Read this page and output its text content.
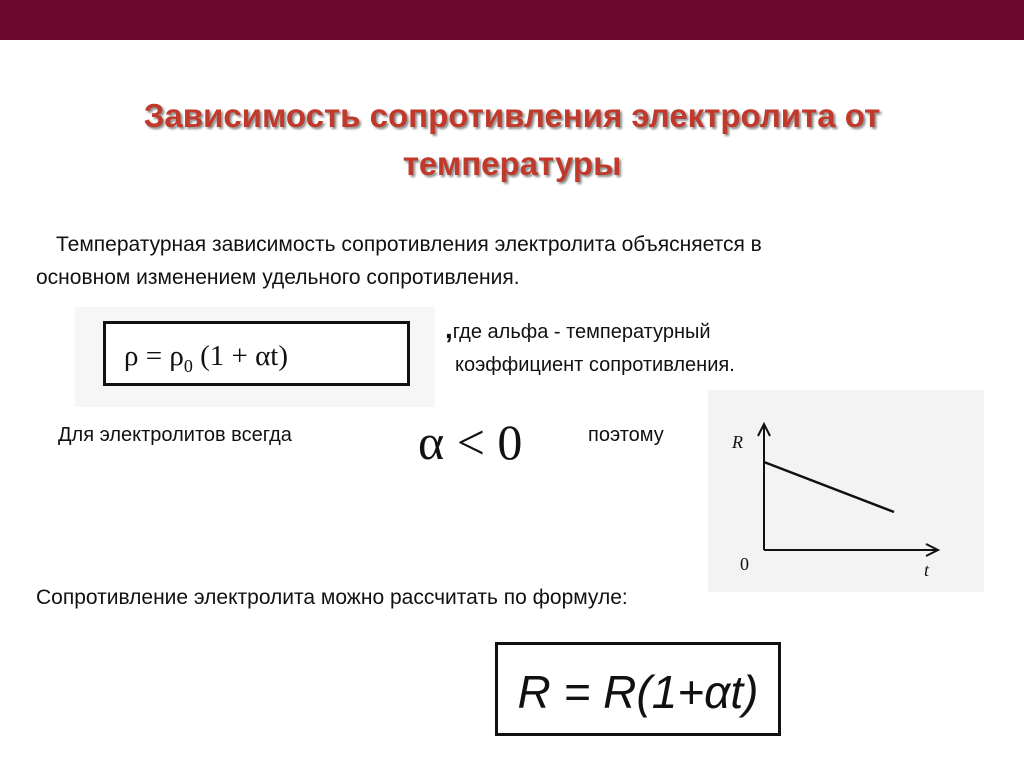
Зависимость сопротивления электролита от
температуры
Температурная зависимость сопротивления электролита объясняется в
основном изменением удельного сопротивления.
$\rho = \rho_0$ (1 + αt)
,где альфа - температурный
коэффициент сопротивления.
Для электролитов всегда	α < 0	поэтому	R
t
0
Сопротивление электролита можно рассчитать по формуле:
R = R(1+αt)
